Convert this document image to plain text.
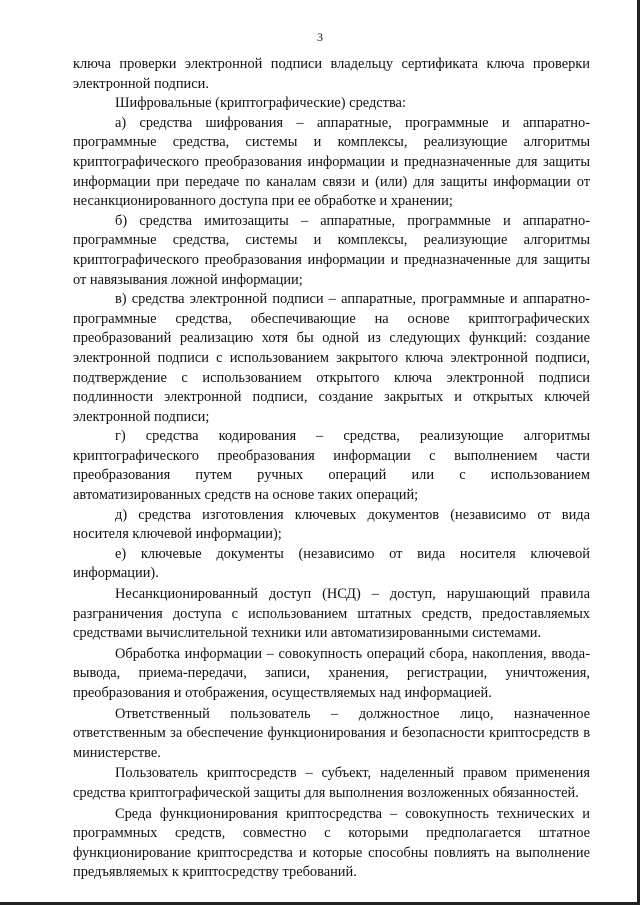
3

ключа проверки электронной подписи владельцу сертификата ключа проверки электронной подписи.

Шифровальные (криптографические) средства:

а) средства шифрования – аппаратные, программные и аппаратно-программные средства, системы и комплексы, реализующие алгоритмы криптографического преобразования информации и предназначенные для защиты информации при передаче по каналам связи и (или) для защиты информации от несанкционированного доступа при ее обработке и хранении;

б) средства имитозащиты – аппаратные, программные и аппаратно-программные средства, системы и комплексы, реализующие алгоритмы криптографического преобразования информации и предназначенные для защиты от навязывания ложной информации;

в) средства электронной подписи – аппаратные, программные и аппаратно-программные средства, обеспечивающие на основе криптографических преобразований реализацию хотя бы одной из следующих функций: создание электронной подписи с использованием закрытого ключа электронной подписи, подтверждение с использованием открытого ключа электронной подписи подлинности электронной подписи, создание закрытых и открытых ключей электронной подписи;

г) средства кодирования – средства, реализующие алгоритмы криптографического преобразования информации с выполнением части преобразования путем ручных операций или с использованием автоматизированных средств на основе таких операций;

д) средства изготовления ключевых документов (независимо от вида носителя ключевой информации);

е) ключевые документы (независимо от вида носителя ключевой информации).

Несанкционированный доступ (НСД) – доступ, нарушающий правила разграничения доступа с использованием штатных средств, предоставляемых средствами вычислительной техники или автоматизированными системами.

Обработка информации – совокупность операций сбора, накопления, ввода-вывода, приема-передачи, записи, хранения, регистрации, уничтожения, преобразования и отображения, осуществляемых над информацией.

Ответственный пользователь – должностное лицо, назначенное ответственным за обеспечение функционирования и безопасности криптосредств в министерстве.

Пользователь криптосредств – субъект, наделенный правом применения средства криптографической защиты для выполнения возложенных обязанностей.

Среда функционирования криптосредства – совокупность технических и программных средств, совместно с которыми предполагается штатное функционирование криптосредства и которые способны повлиять на выполнение предъявляемых к криптосредству требований.
